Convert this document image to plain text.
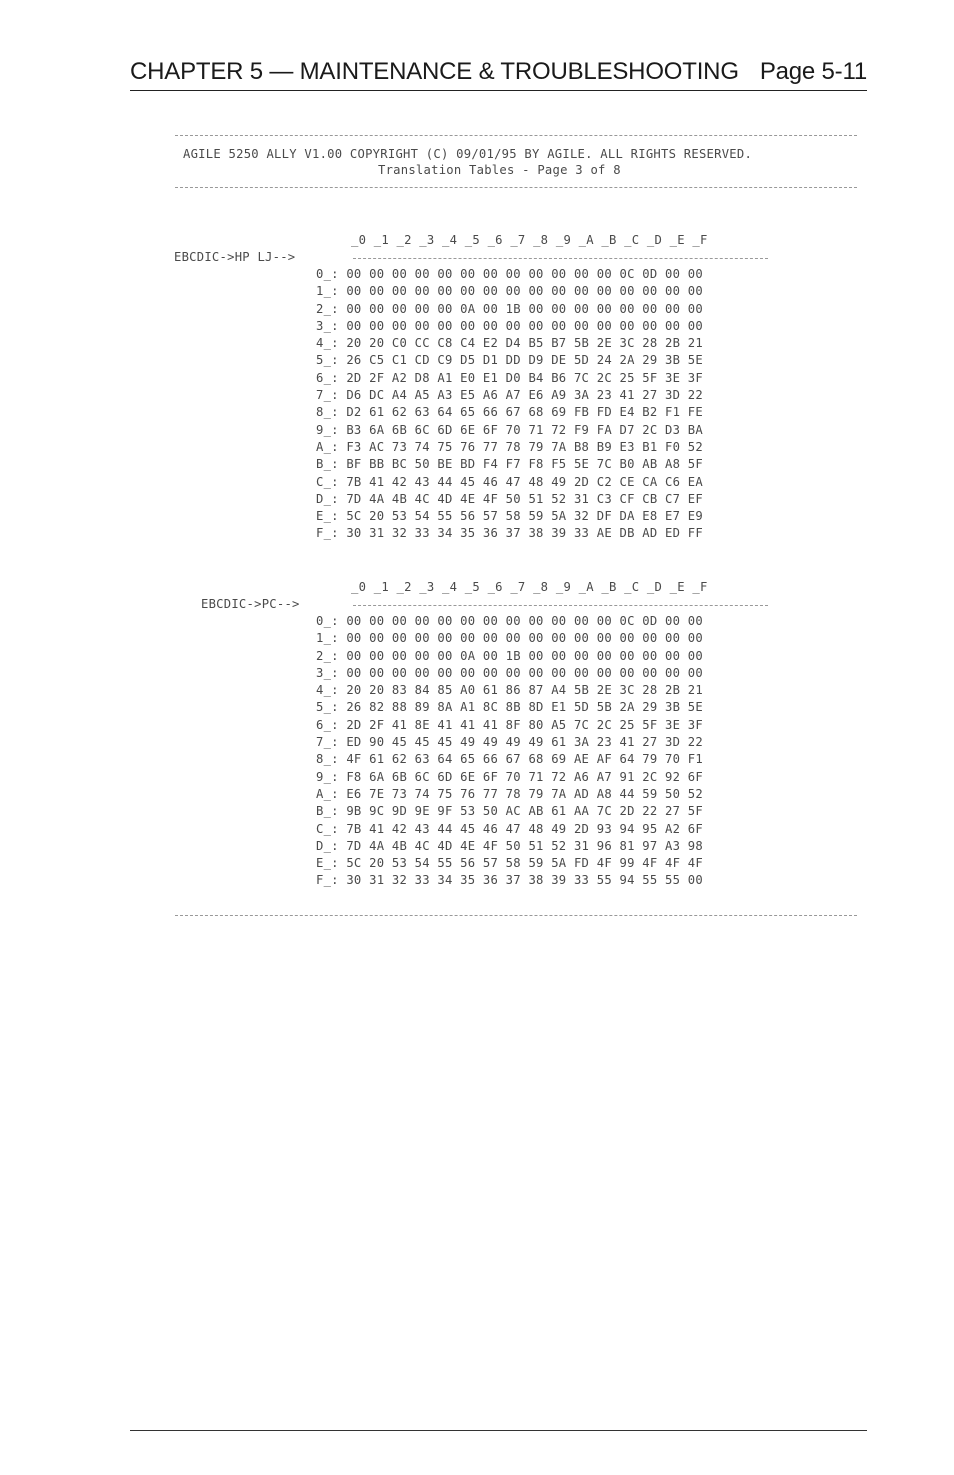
CHAPTER 5 — MAINTENANCE & TROUBLESHOOTING Page 5-11
AGILE 5250 ALLY V1.00 COPYRIGHT (C) 09/01/95 BY AGILE. ALL RIGHTS RESERVED.
Translation Tables - Page 3 of 8
_0 _1 _2 _3 _4 _5 _6 _7 _8 _9 _A _B _C _D _E _F
EBCDIC->HP LJ-->
0_: 00 00 00 00 00 00 00 00 00 00 00 00 0C 0D 00 00
1_: 00 00 00 00 00 00 00 00 00 00 00 00 00 00 00 00
2_: 00 00 00 00 00 0A 00 1B 00 00 00 00 00 00 00 00
3_: 00 00 00 00 00 00 00 00 00 00 00 00 00 00 00 00
4_: 20 20 C0 CC C8 C4 E2 D4 B5 B7 5B 2E 3C 28 2B 21
5_: 26 C5 C1 CD C9 D5 D1 DD D9 DE 5D 24 2A 29 3B 5E
6_: 2D 2F A2 D8 A1 E0 E1 D0 B4 B6 7C 2C 25 5F 3E 3F
7_: D6 DC A4 A5 A3 E5 A6 A7 E6 A9 3A 23 41 27 3D 22
8_: D2 61 62 63 64 65 66 67 68 69 FB FD E4 B2 F1 FE
9_: B3 6A 6B 6C 6D 6E 6F 70 71 72 F9 FA D7 2C D3 BA
A_: F3 AC 73 74 75 76 77 78 79 7A B8 B9 E3 B1 F0 52
B_: BF BB BC 50 BE BD F4 F7 F8 F5 5E 7C B0 AB A8 5F
C_: 7B 41 42 43 44 45 46 47 48 49 2D C2 CE CA C6 EA
D_: 7D 4A 4B 4C 4D 4E 4F 50 51 52 31 C3 CF CB C7 EF
E_: 5C 20 53 54 55 56 57 58 59 5A 32 DF DA E8 E7 E9
F_: 30 31 32 33 34 35 36 37 38 39 33 AE DB AD ED FF
_0 _1 _2 _3 _4 _5 _6 _7 _8 _9 _A _B _C _D _E _F
EBCDIC->PC-->
0_: 00 00 00 00 00 00 00 00 00 00 00 00 0C 0D 00 00
1_: 00 00 00 00 00 00 00 00 00 00 00 00 00 00 00 00
2_: 00 00 00 00 00 0A 00 1B 00 00 00 00 00 00 00 00
3_: 00 00 00 00 00 00 00 00 00 00 00 00 00 00 00 00
4_: 20 20 83 84 85 A0 61 86 87 A4 5B 2E 3C 28 2B 21
5_: 26 82 88 89 8A A1 8C 8B 8D E1 5D 5B 2A 29 3B 5E
6_: 2D 2F 41 8E 41 41 41 8F 80 A5 7C 2C 25 5F 3E 3F
7_: ED 90 45 45 45 49 49 49 49 61 3A 23 41 27 3D 22
8_: 4F 61 62 63 64 65 66 67 68 69 AE AF 64 79 70 F1
9_: F8 6A 6B 6C 6D 6E 6F 70 71 72 A6 A7 91 2C 92 6F
A_: E6 7E 73 74 75 76 77 78 79 7A AD A8 44 59 50 52
B_: 9B 9C 9D 9E 9F 53 50 AC AB 61 AA 7C 2D 22 27 5F
C_: 7B 41 42 43 44 45 46 47 48 49 2D 93 94 95 A2 6F
D_: 7D 4A 4B 4C 4D 4E 4F 50 51 52 31 96 81 97 A3 98
E_: 5C 20 53 54 55 56 57 58 59 5A FD 4F 99 4F 4F 4F
F_: 30 31 32 33 34 35 36 37 38 39 33 55 94 55 55 00
